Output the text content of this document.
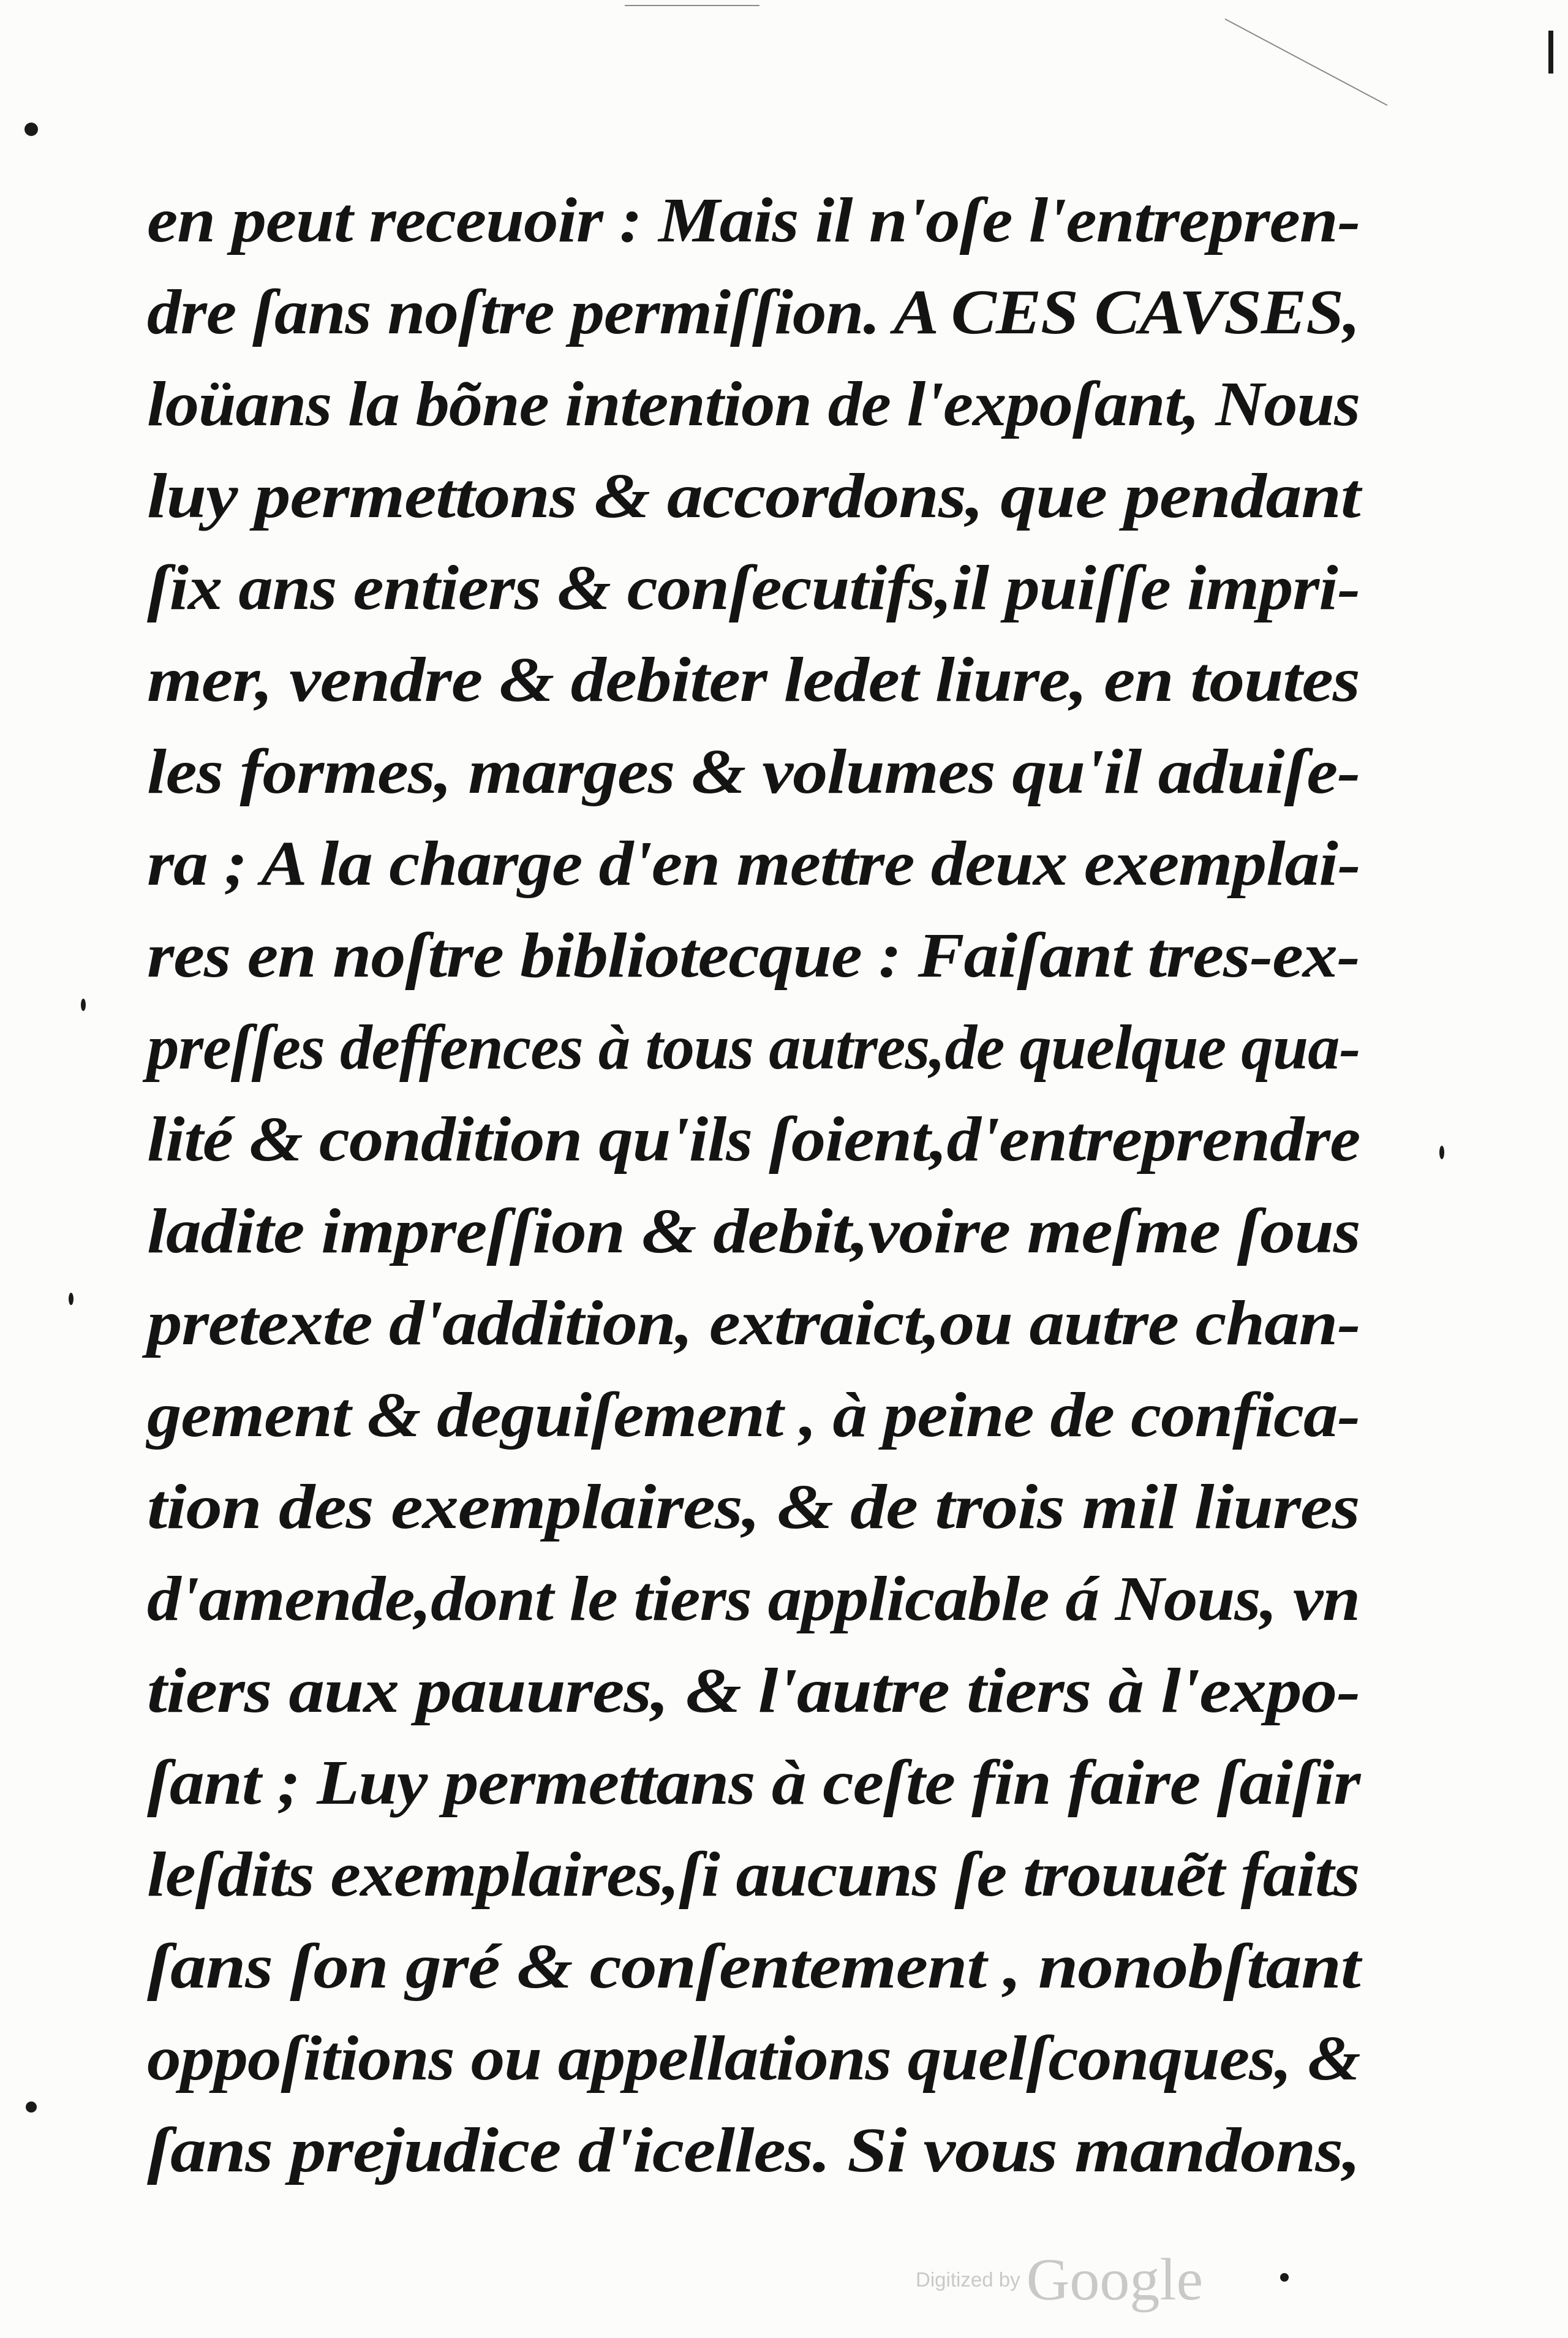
en peut receuoir : Mais il n'oſe l'entrepren-
dre ſans noſtre permiſſion. A CES CAVSES,
loüans la bõne intention de l'expoſant, Nous
luy permettons & accordons, que pendant
ſix ans entiers & conſecutifs,il puiſſe impri-
mer, vendre & debiter ledet liure, en toutes
les formes, marges & volumes qu'il aduiſe-
ra ; A la charge d'en mettre deux exemplai-
res en noſtre bibliotecque : Faiſant tres-ex-
preſſes deffences à tous autres,de quelque qua-
lité & condition qu'ils ſoient,d'entreprendre
ladite impreſſion & debit,voire meſme ſous
pretexte d'addition, extraict,ou autre chan-
gement & deguiſement , à peine de confica-
tion des exemplaires, & de trois mil liures
d'amende,dont le tiers applicable á Nous, vn
tiers aux pauures, & l'autre tiers à l'expo-
ſant ; Luy permettans à ceſte fin faire ſaiſir
leſdits exemplaires,ſi aucuns ſe trouuẽt faits
ſans ſon gré & conſentement , nonobſtant
oppoſitions ou appellations quelſconques, &
ſans prejudice d'icelles. Si vous mandons,
Digitized by Google
